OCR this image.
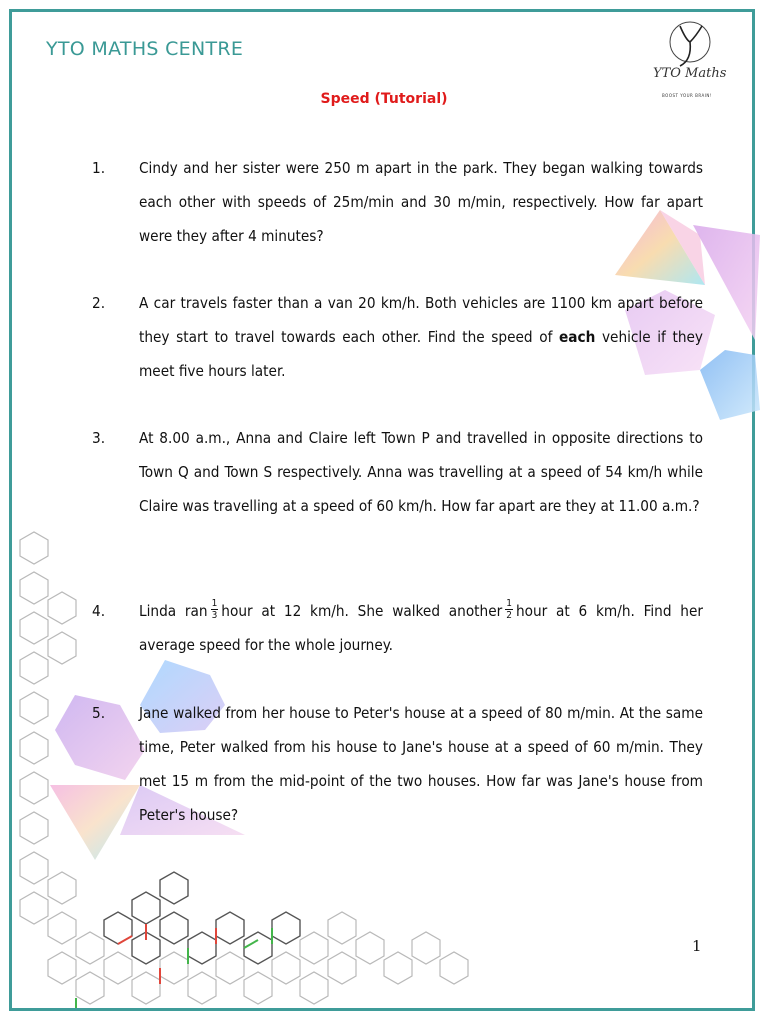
YTO MATHS CENTRE
YTO Maths
BOOST YOUR BRAIN!
Speed (Tutorial)
1. Cindy and her sister were 250 m apart in the park. They began walking towards each other with speeds of 25m/min and 30 m/min, respectively. How far apart were they after 4 minutes?
2. A car travels faster than a van 20 km/h. Both vehicles are 1100 km apart before they start to travel towards each other. Find the speed of each vehicle if they meet five hours later.
3. At 8.00 a.m., Anna and Claire left Town P and travelled in opposite directions to Town Q and Town S respectively. Anna was travelling at a speed of 54 km/h while Claire was travelling at a speed of 60 km/h. How far apart are they at 11.00 a.m.?
4. Linda ran $\frac{1}{3}$ hour at 12 km/h. She walked another $\frac{1}{2}$ hour at 6 km/h. Find her average speed for the whole journey.
5. Jane walked from her house to Peter's house at a speed of 80 m/min. At the same time, Peter walked from his house to Jane's house at a speed of 60 m/min. They met 15 m from the mid-point of the two houses. How far was Jane's house from Peter's house?
1
